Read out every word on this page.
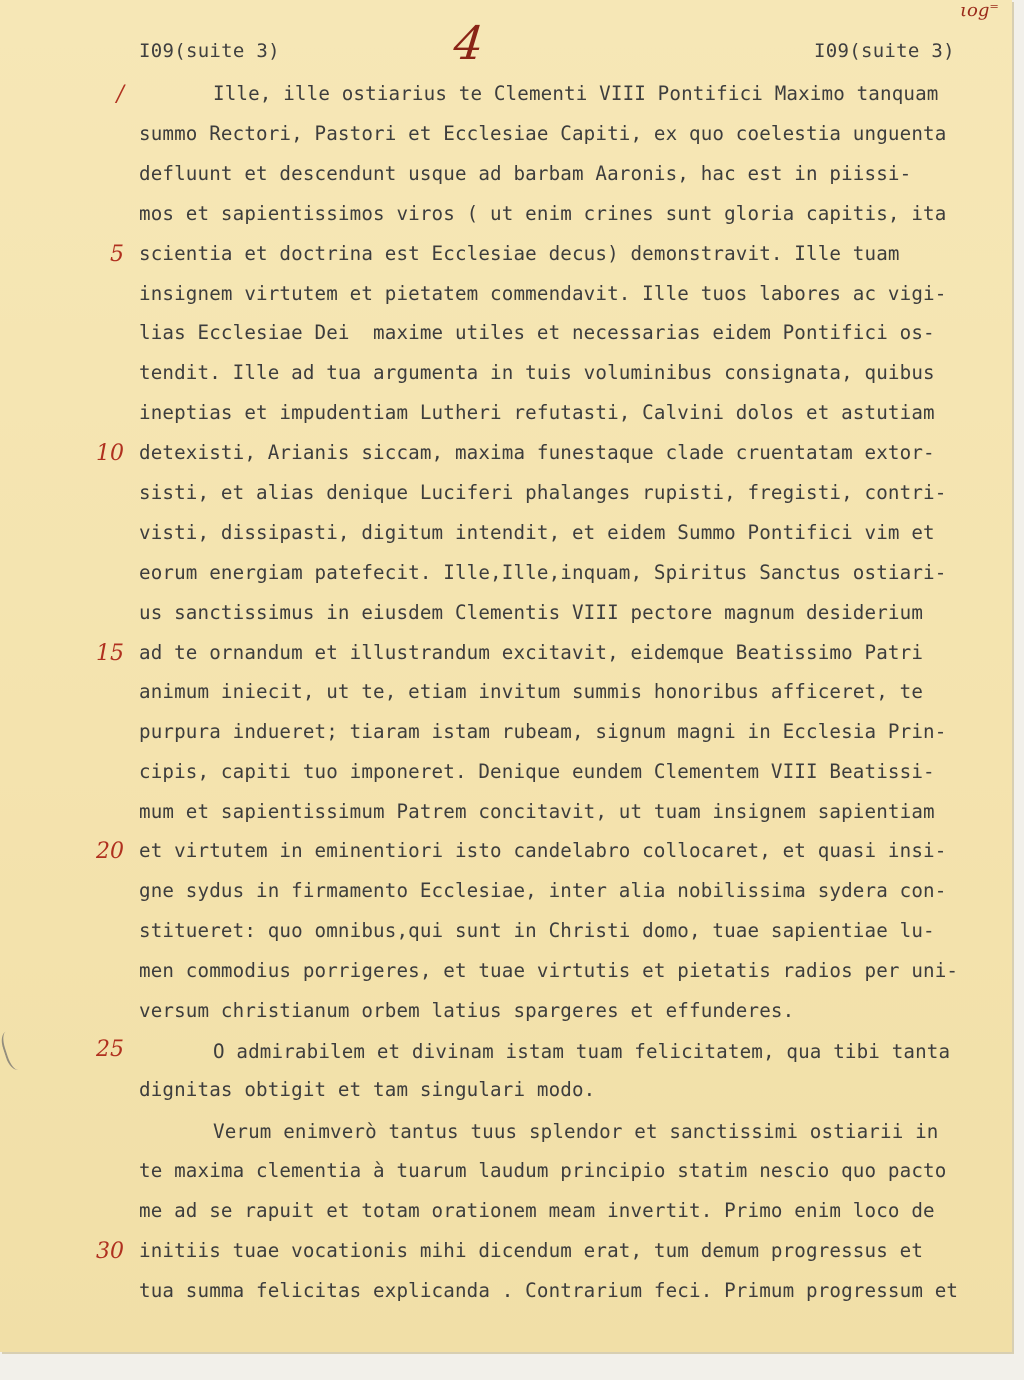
ιog⁼
I09(suite 3)	4	I09(suite 3)
/
5
10
15
20
25
30
Ille, ille ostiarius te Clementi VIII Pontifici Maximo tanquam
summo Rectori, Pastori et Ecclesiae Capiti, ex quo coelestia unguenta
defluunt et descendunt usque ad barbam Aaronis, hac est in piissi-
mos et sapientissimos viros ( ut enim crines sunt gloria capitis, ita
scientia et doctrina est Ecclesiae decus) demonstravit. Ille tuam
insignem virtutem et pietatem commendavit. Ille tuos labores ac vigi-
lias Ecclesiae Dei  maxime utiles et necessarias eidem Pontifici os-
tendit. Ille ad tua argumenta in tuis voluminibus consignata, quibus
ineptias et impudentiam Lutheri refutasti, Calvini dolos et astutiam
detexisti, Arianis siccam, maxima funestaque clade cruentatam extor-
sisti, et alias denique Luciferi phalanges rupisti, fregisti, contri-
visti, dissipasti, digitum intendit, et eidem Summo Pontifici vim et
eorum energiam patefecit. Ille,Ille,inquam, Spiritus Sanctus ostiari-
us sanctissimus in eiusdem Clementis VIII pectore magnum desiderium
ad te ornandum et illustrandum excitavit, eidemque Beatissimo Patri
animum iniecit, ut te, etiam invitum summis honoribus afficeret, te
purpura indueret; tiaram istam rubeam, signum magni in Ecclesia Prin-
cipis, capiti tuo imponeret. Denique eundem Clementem VIII Beatissi-
mum et sapientissimum Patrem concitavit, ut tuam insignem sapientiam
et virtutem in eminentiori isto candelabro collocaret, et quasi insi-
gne sydus in firmamento Ecclesiae, inter alia nobilissima sydera con-
stitueret: quo omnibus,qui sunt in Christi domo, tuae sapientiae lu-
men commodius porrigeres, et tuae virtutis et pietatis radios per uni-
versum christianum orbem latius spargeres et effunderes.
O admirabilem et divinam istam tuam felicitatem, qua tibi tanta
dignitas obtigit et tam singulari modo.
Verum enimverò tantus tuus splendor et sanctissimi ostiarii in
te maxima clementia à tuarum laudum principio statim nescio quo pacto
me ad se rapuit et totam orationem meam invertit. Primo enim loco de
initiis tuae vocationis mihi dicendum erat, tum demum progressus et
tua summa felicitas explicanda . Contrarium feci. Primum progressum et
